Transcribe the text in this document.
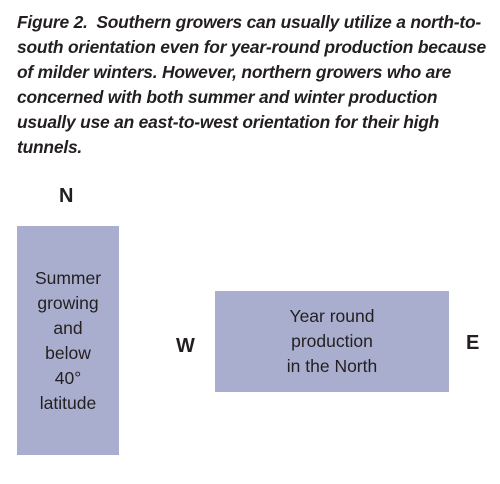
Figure 2. Southern growers can usually utilize a north-to-south orientation even for year-round production because of milder winters. However, northern growers who are concerned with both summer and winter production usually use an east-to-west orientation for their high tunnels.
N
Summer
growing
and
below
40°
latitude
W
Year round
production
in the North
E
